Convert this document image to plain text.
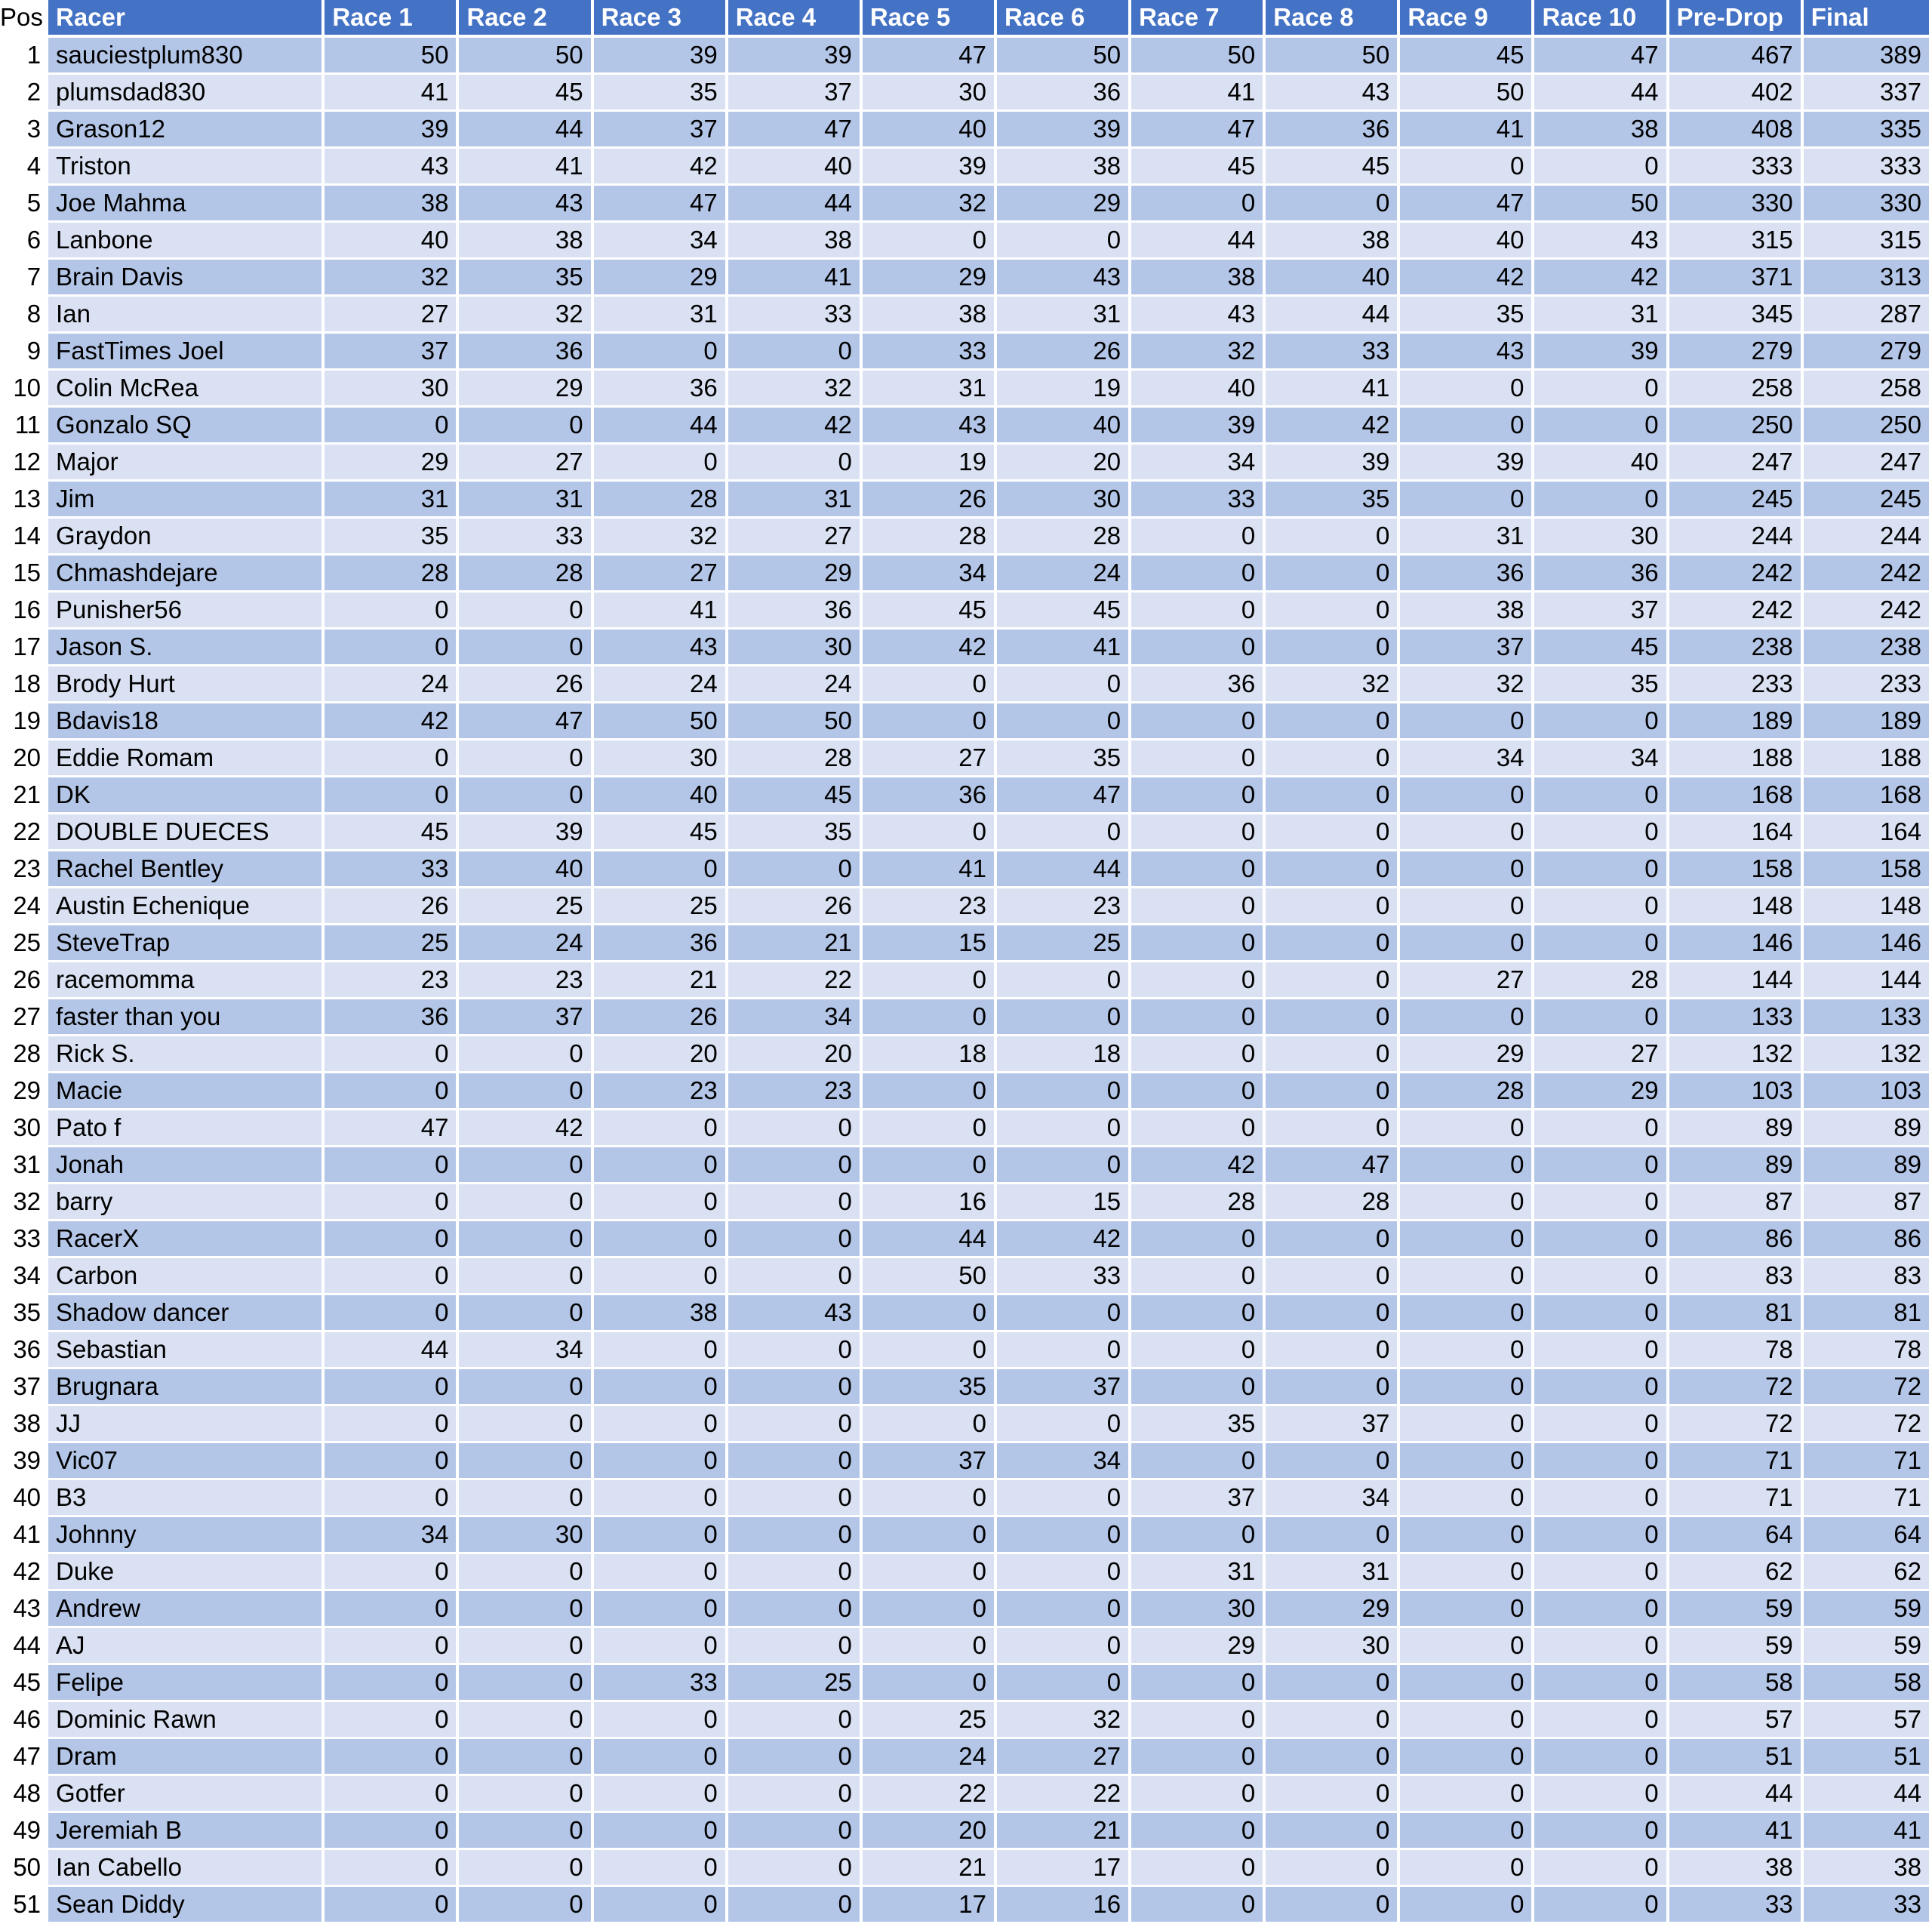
Pos	Racer	Race 1	Race 2	Race 3	Race 4	Race 5	Race 6	Race 7	Race 8	Race 9	Race 10	Pre-Drop	Final
1	sauciestplum830	50	50	39	39	47	50	50	50	45	47	467	389
2	plumsdad830	41	45	35	37	30	36	41	43	50	44	402	337
3	Grason12	39	44	37	47	40	39	47	36	41	38	408	335
4	Triston	43	41	42	40	39	38	45	45	0	0	333	333
5	Joe Mahma	38	43	47	44	32	29	0	0	47	50	330	330
6	Lanbone	40	38	34	38	0	0	44	38	40	43	315	315
7	Brain Davis	32	35	29	41	29	43	38	40	42	42	371	313
8	Ian	27	32	31	33	38	31	43	44	35	31	345	287
9	FastTimes Joel	37	36	0	0	33	26	32	33	43	39	279	279
10	Colin McRea	30	29	36	32	31	19	40	41	0	0	258	258
11	Gonzalo SQ	0	0	44	42	43	40	39	42	0	0	250	250
12	Major	29	27	0	0	19	20	34	39	39	40	247	247
13	Jim	31	31	28	31	26	30	33	35	0	0	245	245
14	Graydon	35	33	32	27	28	28	0	0	31	30	244	244
15	Chmashdejare	28	28	27	29	34	24	0	0	36	36	242	242
16	Punisher56	0	0	41	36	45	45	0	0	38	37	242	242
17	Jason S.	0	0	43	30	42	41	0	0	37	45	238	238
18	Brody Hurt	24	26	24	24	0	0	36	32	32	35	233	233
19	Bdavis18	42	47	50	50	0	0	0	0	0	0	189	189
20	Eddie Romam	0	0	30	28	27	35	0	0	34	34	188	188
21	DK	0	0	40	45	36	47	0	0	0	0	168	168
22	DOUBLE DUECES	45	39	45	35	0	0	0	0	0	0	164	164
23	Rachel Bentley	33	40	0	0	41	44	0	0	0	0	158	158
24	Austin Echenique	26	25	25	26	23	23	0	0	0	0	148	148
25	SteveTrap	25	24	36	21	15	25	0	0	0	0	146	146
26	racemomma	23	23	21	22	0	0	0	0	27	28	144	144
27	faster than you	36	37	26	34	0	0	0	0	0	0	133	133
28	Rick S.	0	0	20	20	18	18	0	0	29	27	132	132
29	Macie	0	0	23	23	0	0	0	0	28	29	103	103
30	Pato f	47	42	0	0	0	0	0	0	0	0	89	89
31	Jonah	0	0	0	0	0	0	42	47	0	0	89	89
32	barry	0	0	0	0	16	15	28	28	0	0	87	87
33	RacerX	0	0	0	0	44	42	0	0	0	0	86	86
34	Carbon	0	0	0	0	50	33	0	0	0	0	83	83
35	Shadow dancer	0	0	38	43	0	0	0	0	0	0	81	81
36	Sebastian	44	34	0	0	0	0	0	0	0	0	78	78
37	Brugnara	0	0	0	0	35	37	0	0	0	0	72	72
38	JJ	0	0	0	0	0	0	35	37	0	0	72	72
39	Vic07	0	0	0	0	37	34	0	0	0	0	71	71
40	B3	0	0	0	0	0	0	37	34	0	0	71	71
41	Johnny	34	30	0	0	0	0	0	0	0	0	64	64
42	Duke	0	0	0	0	0	0	31	31	0	0	62	62
43	Andrew	0	0	0	0	0	0	30	29	0	0	59	59
44	AJ	0	0	0	0	0	0	29	30	0	0	59	59
45	Felipe	0	0	33	25	0	0	0	0	0	0	58	58
46	Dominic Rawn	0	0	0	0	25	32	0	0	0	0	57	57
47	Dram	0	0	0	0	24	27	0	0	0	0	51	51
48	Gotfer	0	0	0	0	22	22	0	0	0	0	44	44
49	Jeremiah B	0	0	0	0	20	21	0	0	0	0	41	41
50	Ian Cabello	0	0	0	0	21	17	0	0	0	0	38	38
51	Sean Diddy	0	0	0	0	17	16	0	0	0	0	33	33
